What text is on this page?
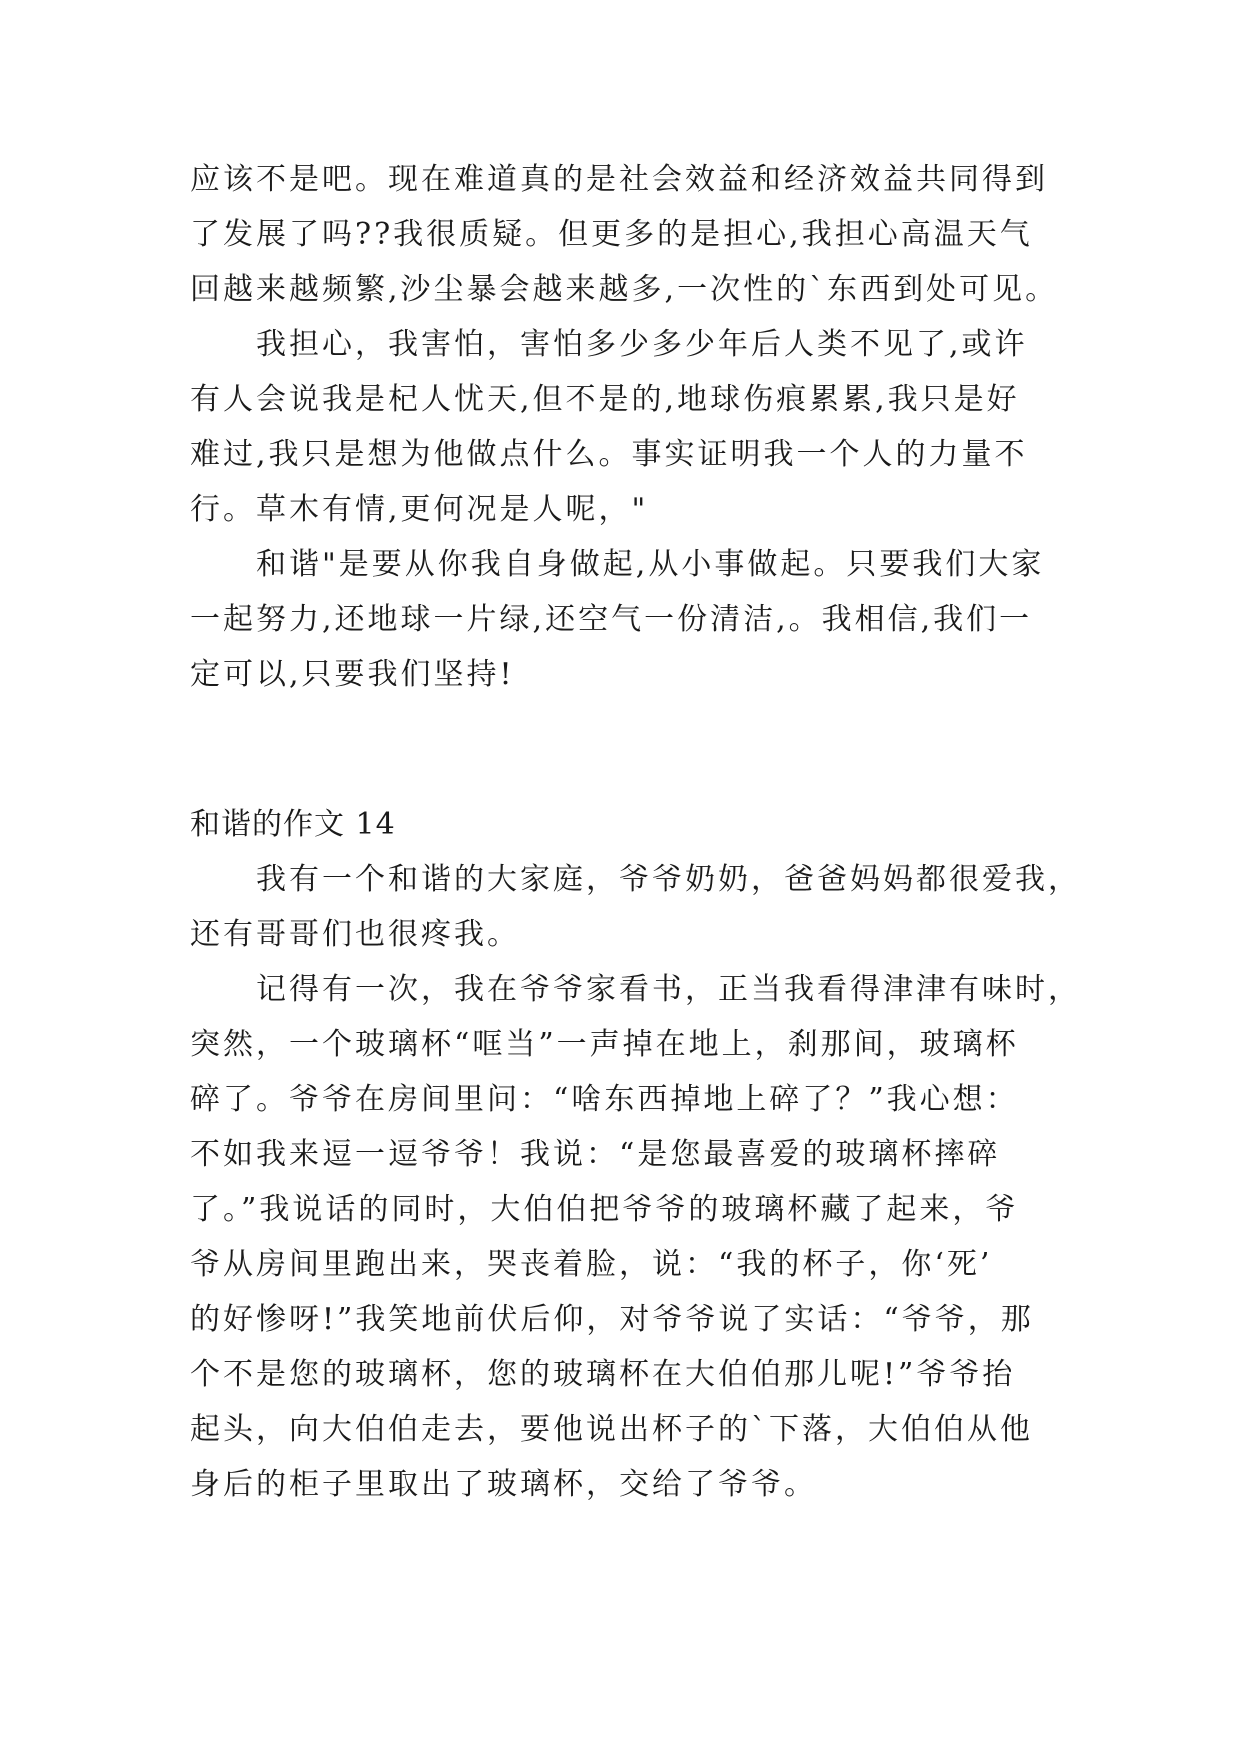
应该不是吧。现在难道真的是社会效益和经济效益共同得到
了发展了吗??我很质疑。但更多的是担心,我担心高温天气
回越来越频繁,沙尘暴会越来越多,一次性的`东西到处可见。
我担心，我害怕，害怕多少多少年后人类不见了,或许
有人会说我是杞人忧天,但不是的,地球伤痕累累,我只是好
难过,我只是想为他做点什么。事实证明我一个人的力量不
行。草木有情,更何况是人呢，"
和谐"是要从你我自身做起,从小事做起。只要我们大家
一起努力,还地球一片绿,还空气一份清洁,。我相信,我们一
定可以,只要我们坚持!
和谐的作文 14
我有一个和谐的大家庭，爷爷奶奶，爸爸妈妈都很爱我，
还有哥哥们也很疼我。
记得有一次，我在爷爷家看书，正当我看得津津有味时，
突然，一个玻璃杯“哐当”一声掉在地上，刹那间，玻璃杯
碎了。爷爷在房间里问：“啥东西掉地上碎了？”我心想：
不如我来逗一逗爷爷！我说：“是您最喜爱的玻璃杯摔碎
了。”我说话的同时，大伯伯把爷爷的玻璃杯藏了起来，爷
爷从房间里跑出来，哭丧着脸，说：“我的杯子，你‘死’
的好惨呀!”我笑地前伏后仰，对爷爷说了实话：“爷爷，那
个不是您的玻璃杯，您的玻璃杯在大伯伯那儿呢!”爷爷抬
起头，向大伯伯走去，要他说出杯子的`下落，大伯伯从他
身后的柜子里取出了玻璃杯，交给了爷爷。
